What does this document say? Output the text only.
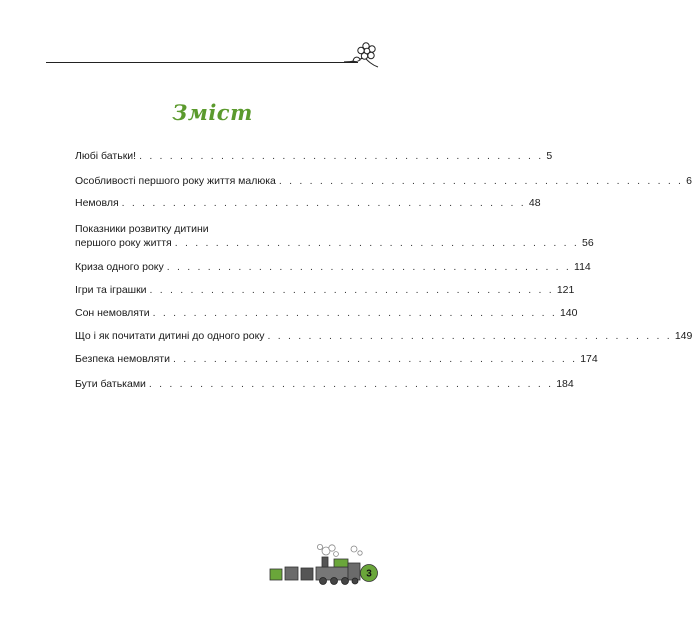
Зміст
Любі батьки! . . . . . . . . . . . . . . . . . . . . . . . . . . . . . . . . . . . . . . . . 5
Особливості першого року життя малюка . . . . . . . . . . . . . . . . . . . . . . . . . . . . . . . . . . . . . . . . 6
Немовля . . . . . . . . . . . . . . . . . . . . . . . . . . . . . . . . . . . . . . . . 48
Показники розвитку дитини
першого року життя . . . . . . . . . . . . . . . . . . . . . . . . . . . . . . . . . . . . . . . . 56
Криза одного року . . . . . . . . . . . . . . . . . . . . . . . . . . . . . . . . . . . . . . . . 114
Ігри та іграшки . . . . . . . . . . . . . . . . . . . . . . . . . . . . . . . . . . . . . . . . 121
Сон немовляти . . . . . . . . . . . . . . . . . . . . . . . . . . . . . . . . . . . . . . . . 140
Що і як почитати дитині до одного року . . . . . . . . . . . . . . . . . . . . . . . . . . . . . . . . . . . . . . . . 149
Безпека немовляти . . . . . . . . . . . . . . . . . . . . . . . . . . . . . . . . . . . . . . . . 174
Бути батьками . . . . . . . . . . . . . . . . . . . . . . . . . . . . . . . . . . . . . . . . 184
3
